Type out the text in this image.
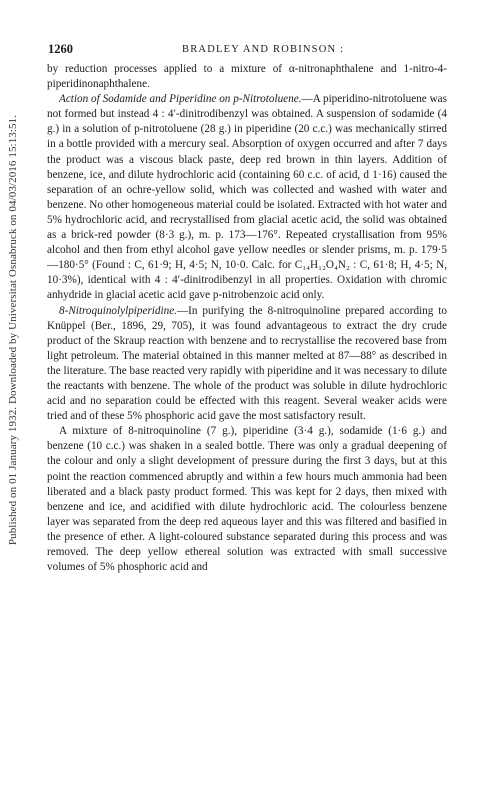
Published on 01 January 1932. Downloaded by Universitat Osnabruck on 04/03/2016 15:13:51.
1260	BRADLEY AND ROBINSON :

by reduction processes applied to a mixture of α-nitronaphthalene and 1-nitro-4-piperidinonaphthalene.

Action of Sodamide and Piperidine on p-Nitrotoluene.—A piperidino-nitrotoluene was not formed but instead 4 : 4′-dinitrodibenzyl was obtained. A suspension of sodamide (4 g.) in a solution of p-nitrotoluene (28 g.) in piperidine (20 c.c.) was mechanically stirred in a bottle provided with a mercury seal. Absorption of oxygen occurred and after 7 days the product was a viscous black paste, deep red brown in thin layers. Addition of benzene, ice, and dilute hydrochloric acid (containing 60 c.c. of acid, d 1·16) caused the separation of an ochre-yellow solid, which was collected and washed with water and benzene. No other homogeneous material could be isolated. Extracted with hot water and 5% hydrochloric acid, and recrystallised from glacial acetic acid, the solid was obtained as a brick-red powder (8·3 g.), m. p. 173—176°. Repeated crystallisation from 95% alcohol and then from ethyl alcohol gave yellow needles or slender prisms, m. p. 179·5—180·5° (Found : C, 61·9; H, 4·5; N, 10·0. Calc. for C₁₄H₁₂O₄N₂ : C, 61·8; H, 4·5; N, 10·3%), identical with 4 : 4′-dinitrodibenzyl in all properties. Oxidation with chromic anhydride in glacial acetic acid gave p-nitrobenzoic acid only.

8-Nitroquinolylpiperidine.—In purifying the 8-nitroquinoline prepared according to Knüppel (Ber., 1896, 29, 705), it was found advantageous to extract the dry crude product of the Skraup reaction with benzene and to recrystallise the recovered base from light petroleum. The material obtained in this manner melted at 87—88° as described in the literature. The base reacted very rapidly with piperidine and it was necessary to dilute the reactants with benzene. The whole of the product was soluble in dilute hydrochloric acid and no separation could be effected with this reagent. Several weaker acids were tried and of these 5% phosphoric acid gave the most satisfactory result.

A mixture of 8-nitroquinoline (7 g.), piperidine (3·4 g.), sodamide (1·6 g.) and benzene (10 c.c.) was shaken in a sealed bottle. There was only a gradual deepening of the colour and only a slight development of pressure during the first 3 days, but at this point the reaction commenced abruptly and within a few hours much ammonia had been liberated and a black pasty product formed. This was kept for 2 days, then mixed with benzene and ice, and acidified with dilute hydrochloric acid. The colourless benzene layer was separated from the deep red aqueous layer and this was filtered and basified in the presence of ether. A light-coloured substance separated during this process and was removed. The deep yellow ethereal solution was extracted with small successive volumes of 5% phosphoric acid and
